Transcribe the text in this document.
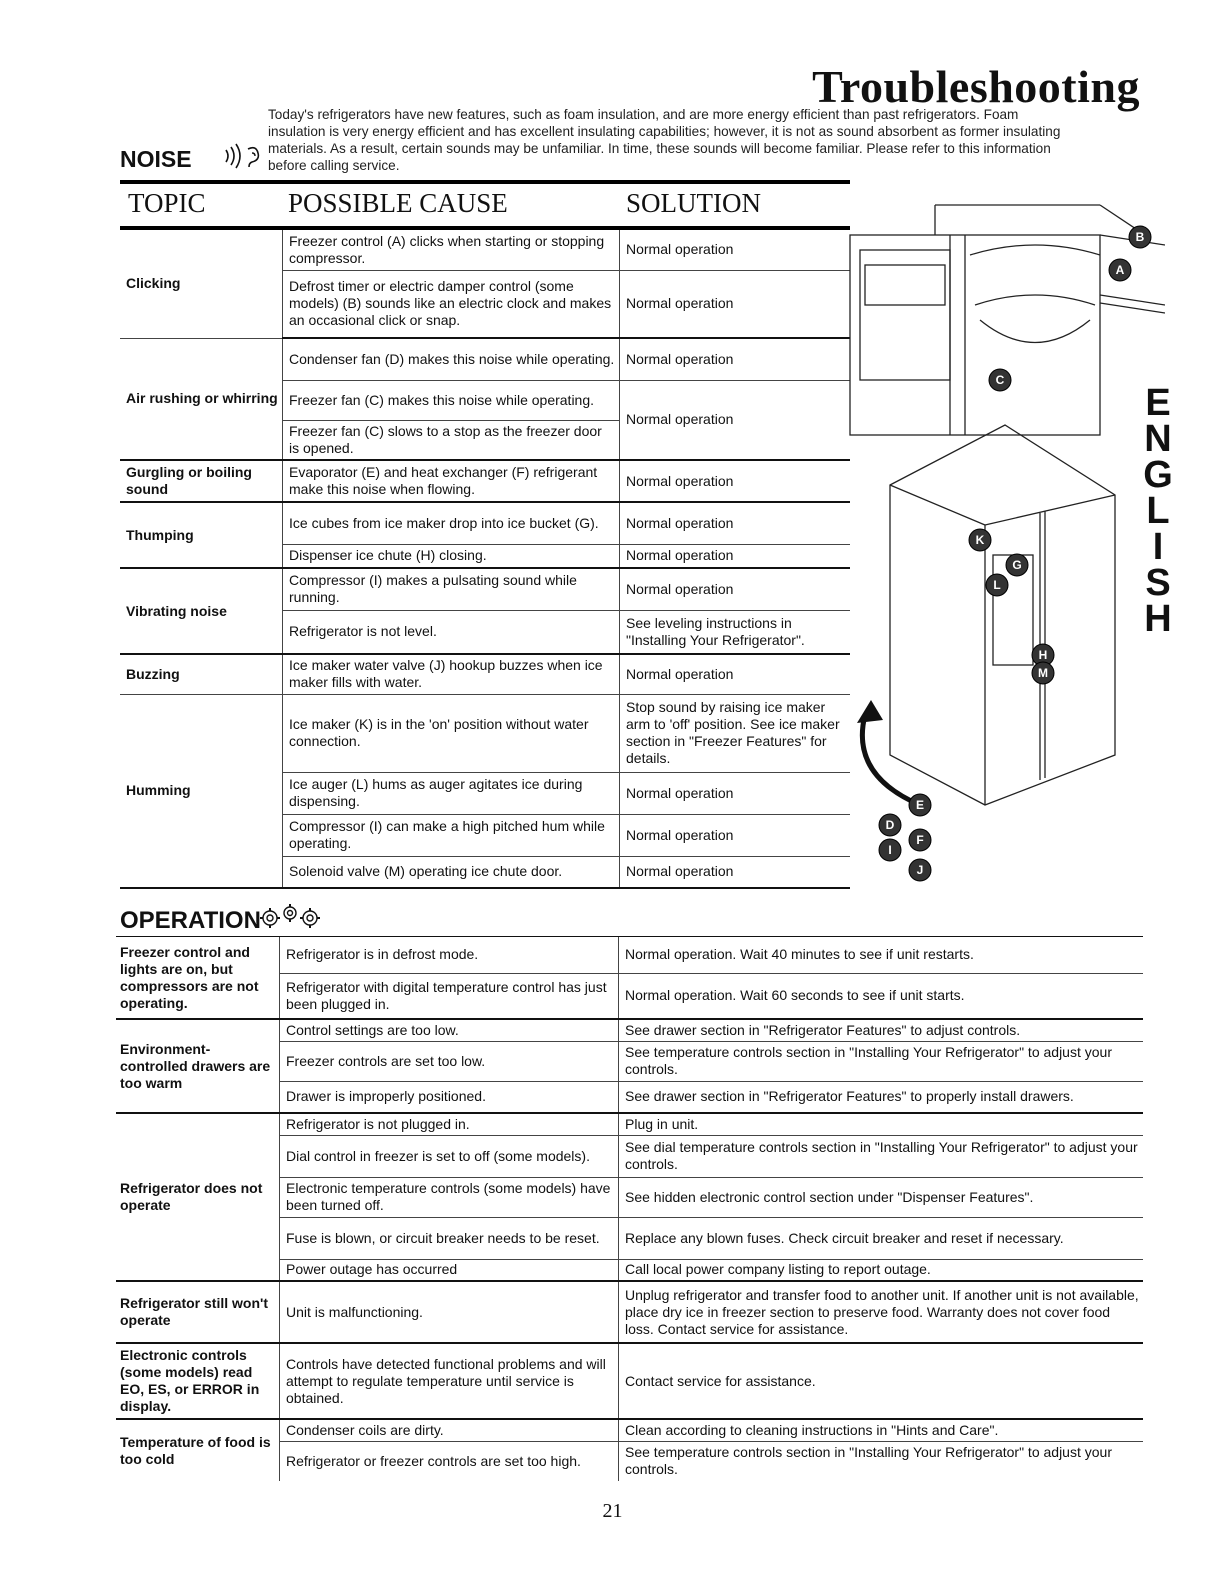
Troubleshooting
Today's refrigerators have new features, such as foam insulation, and are more energy efficient than past refrigerators. Foam insulation is very energy efficient and has excellent insulating capabilities; however, it is not as sound absorbent as former insulating materials. As a result, certain sounds may be unfamiliar. In time, these sounds will become familiar. Please refer to this information before calling service.
NOISE
TOPIC	POSSIBLE CAUSE	SOLUTION
Clicking	Freezer control (A) clicks when starting or stopping compressor.	Normal operation
	Defrost timer or electric damper control (some models) (B) sounds like an electric clock and makes an occasional click or snap.	Normal operation
Air rushing or whirring	Condenser fan (D) makes this noise while operating.	Normal operation
	Freezer fan (C) makes this noise while operating.	Normal operation
	Freezer fan (C) slows to a stop as the freezer door is opened.	
Gurgling or boiling sound	Evaporator (E) and heat exchanger (F) refrigerant make this noise when flowing.	Normal operation
Thumping	Ice cubes from ice maker drop into ice bucket (G).	Normal operation
	Dispenser ice chute (H) closing.	Normal operation
Vibrating noise	Compressor (I) makes a pulsating sound while running.	Normal operation
	Refrigerator is not level.	See leveling instructions in "Installing Your Refrigerator".
Buzzing	Ice maker water valve (J) hookup buzzes when ice maker fills with water.	Normal operation
Humming	Ice maker (K) is in the 'on' position without water connection.	Stop sound by raising ice maker arm to 'off' position. See ice maker section in "Freezer Features" for details.
	Ice auger (L) hums as auger agitates ice during dispensing.	Normal operation
	Compressor (I) can make a high pitched hum while operating.	Normal operation
	Solenoid valve (M) operating ice chute door.	Normal operation
A
B
C
D
E
F
G
H
I
J
K
L
M
E
N
G
L
I
S
H
OPERATION
Freezer control and lights are on, but compressors are not operating.	Refrigerator is in defrost mode.	Normal operation. Wait 40 minutes to see if unit restarts.
	Refrigerator with digital temperature control has just been plugged in.	Normal operation. Wait 60 seconds to see if unit starts.
Environment-controlled drawers are too warm	Control settings are too low.	See drawer section in "Refrigerator Features" to adjust controls.
	Freezer controls are set too low.	See temperature controls section in "Installing Your Refrigerator" to adjust your controls.
	Drawer is improperly positioned.	See drawer section in "Refrigerator Features" to properly install drawers.
Refrigerator does not operate	Refrigerator is not plugged in.	Plug in unit.
	Dial control in freezer is set to off (some models).	See dial temperature controls section in "Installing Your Refrigerator" to adjust your controls.
	Electronic temperature controls (some models) have been turned off.	See hidden electronic control section under "Dispenser Features".
	Fuse is blown, or circuit breaker needs to be reset.	Replace any blown fuses. Check circuit breaker and reset if necessary.
	Power outage has occurred	Call local power company listing to report outage.
Refrigerator still won't operate	Unit is malfunctioning.	Unplug refrigerator and transfer food to another unit. If another unit is not available, place dry ice in freezer section to preserve food. Warranty does not cover food loss. Contact service for assistance.
Electronic controls (some models) read EO, ES, or ERROR in display.	Controls have detected functional problems and will attempt to regulate temperature until service is obtained.	Contact service for assistance.
Temperature of food is too cold	Condenser coils are dirty.	Clean according to cleaning instructions in "Hints and Care".
	Refrigerator or freezer controls are set too high.	See temperature controls section in "Installing Your Refrigerator" to adjust your controls.
21
